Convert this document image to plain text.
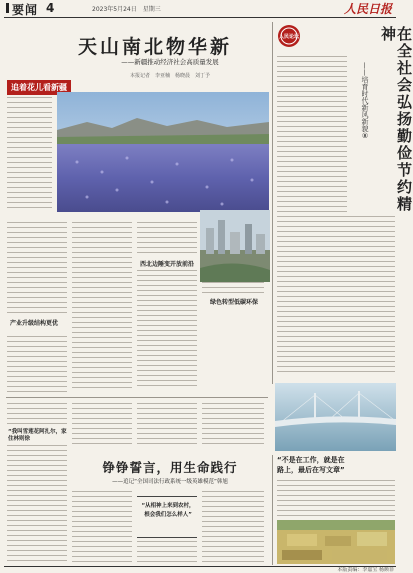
要闻 4	2023年5月24日　星期三	人民日报
天山南北物华新
——新疆推动经济社会高质量发展
本报记者　李亚楠　杨晓晨　刘丁予
追着花儿看新疆
产业升级结构更优
西北边陲变开放前沿
绿色转型低碳环保
人民论坛	在全社会弘扬勤俭节约精神
——培育时代新风新貌⑧
“我叫雪莲花阿扎尔，家住林则徐
铮铮誓言，用生命践行
——追记“全国司法行政系统一级英雄模范”韩旭
“从相神上来到农村，
根会我们怎么样人”
“不是在工作，就是在
路上，最后在写文章”
本版责编：李嘉宝 杨颜菲
